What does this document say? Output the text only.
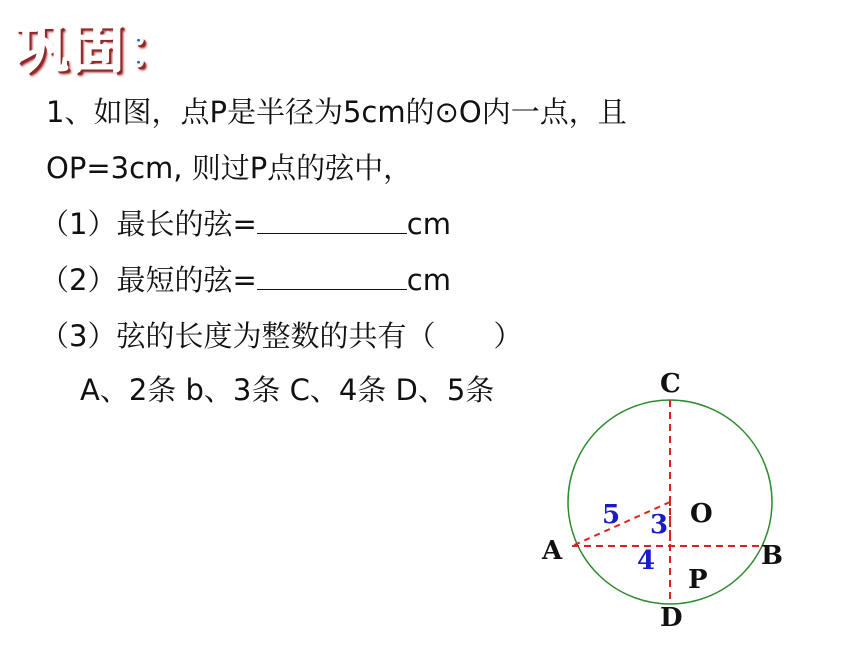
巩固：
1、如图，点P是半径为5cm的⊙O内一点，且
OP=3cm, 则过P点的弦中，
（1）最长的弦=	cm
（2）最短的弦=	cm
（3）弦的长度为整数的共有（ ）
A、2条 b、3条 C、4条 D、5条	C
O
A	B
P
D
5 3
4
